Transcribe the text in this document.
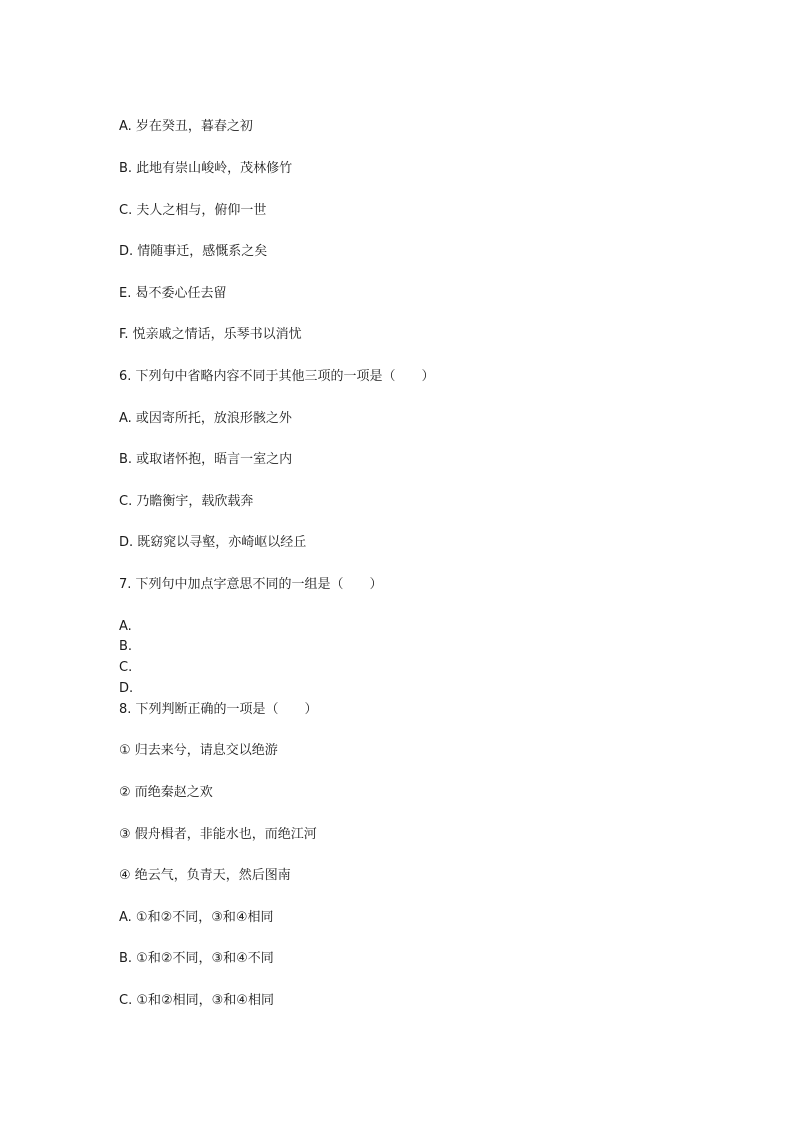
A. 岁在癸丑，暮春之初
B. 此地有崇山峻岭，茂林修竹
C. 夫人之相与，俯仰一世
D. 情随事迁，感慨系之矣
E. 曷不委心任去留
F. 悦亲戚之情话，乐琴书以消忧
6. 下列句中省略内容不同于其他三项的一项是（　　）
A. 或因寄所托，放浪形骸之外
B. 或取诸怀抱，晤言一室之内
C. 乃瞻衡宇，载欣载奔
D. 既窈窕以寻壑，亦崎岖以经丘
7. 下列句中加点字意思不同的一组是（　　）
A.
B.
C.
D.
8. 下列判断正确的一项是（　　）
① 归去来兮，请息交以绝游
② 而绝秦赵之欢
③ 假舟楫者，非能水也，而绝江河
④ 绝云气，负青天，然后图南
A. ①和②不同，③和④相同
B. ①和②不同，③和④不同
C. ①和②相同，③和④相同
